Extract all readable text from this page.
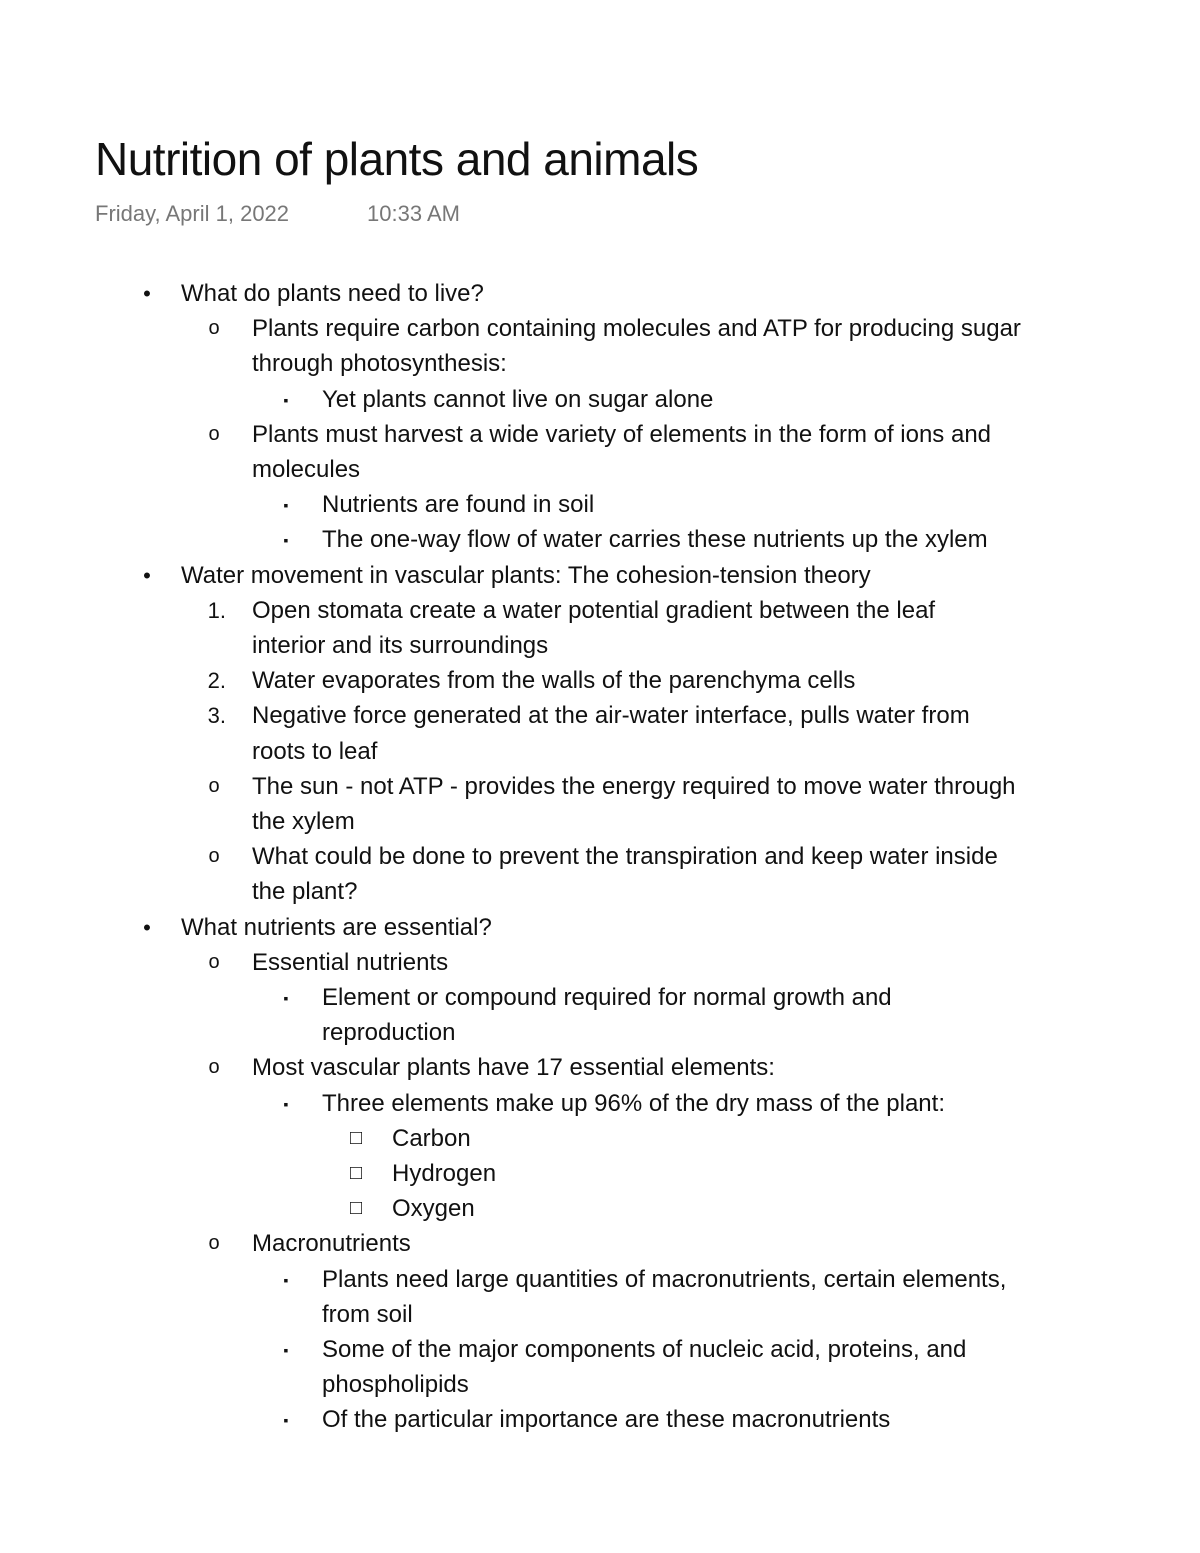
Nutrition of plants and animals
Friday, April 1, 2022	10:33 AM
•	What do plants need to live?
o	Plants require carbon containing molecules and ATP for producing sugar
through photosynthesis:
▪	Yet plants cannot live on sugar alone
o	Plants must harvest a wide variety of elements in the form of ions and
molecules
▪	Nutrients are found in soil
▪	The one-way flow of water carries these nutrients up the xylem
•	Water movement in vascular plants: The cohesion-tension theory
1. Open stomata create a water potential gradient between the leaf
interior and its surroundings
2. Water evaporates from the walls of the parenchyma cells
3. Negative force generated at the air-water interface, pulls water from
roots to leaf
o	The sun - not ATP - provides the energy required to move water through
the xylem
o	What could be done to prevent the transpiration and keep water inside
the plant?
•	What nutrients are essential?
o	Essential nutrients
▪	Element or compound required for normal growth and
reproduction
o	Most vascular plants have 17 essential elements:
▪	Three elements make up 96% of the dry mass of the plant:
□	Carbon
□	Hydrogen
□	Oxygen
o	Macronutrients
▪	Plants need large quantities of macronutrients, certain elements,
from soil
▪	Some of the major components of nucleic acid, proteins, and
phospholipids
▪	Of the particular importance are these macronutrients
